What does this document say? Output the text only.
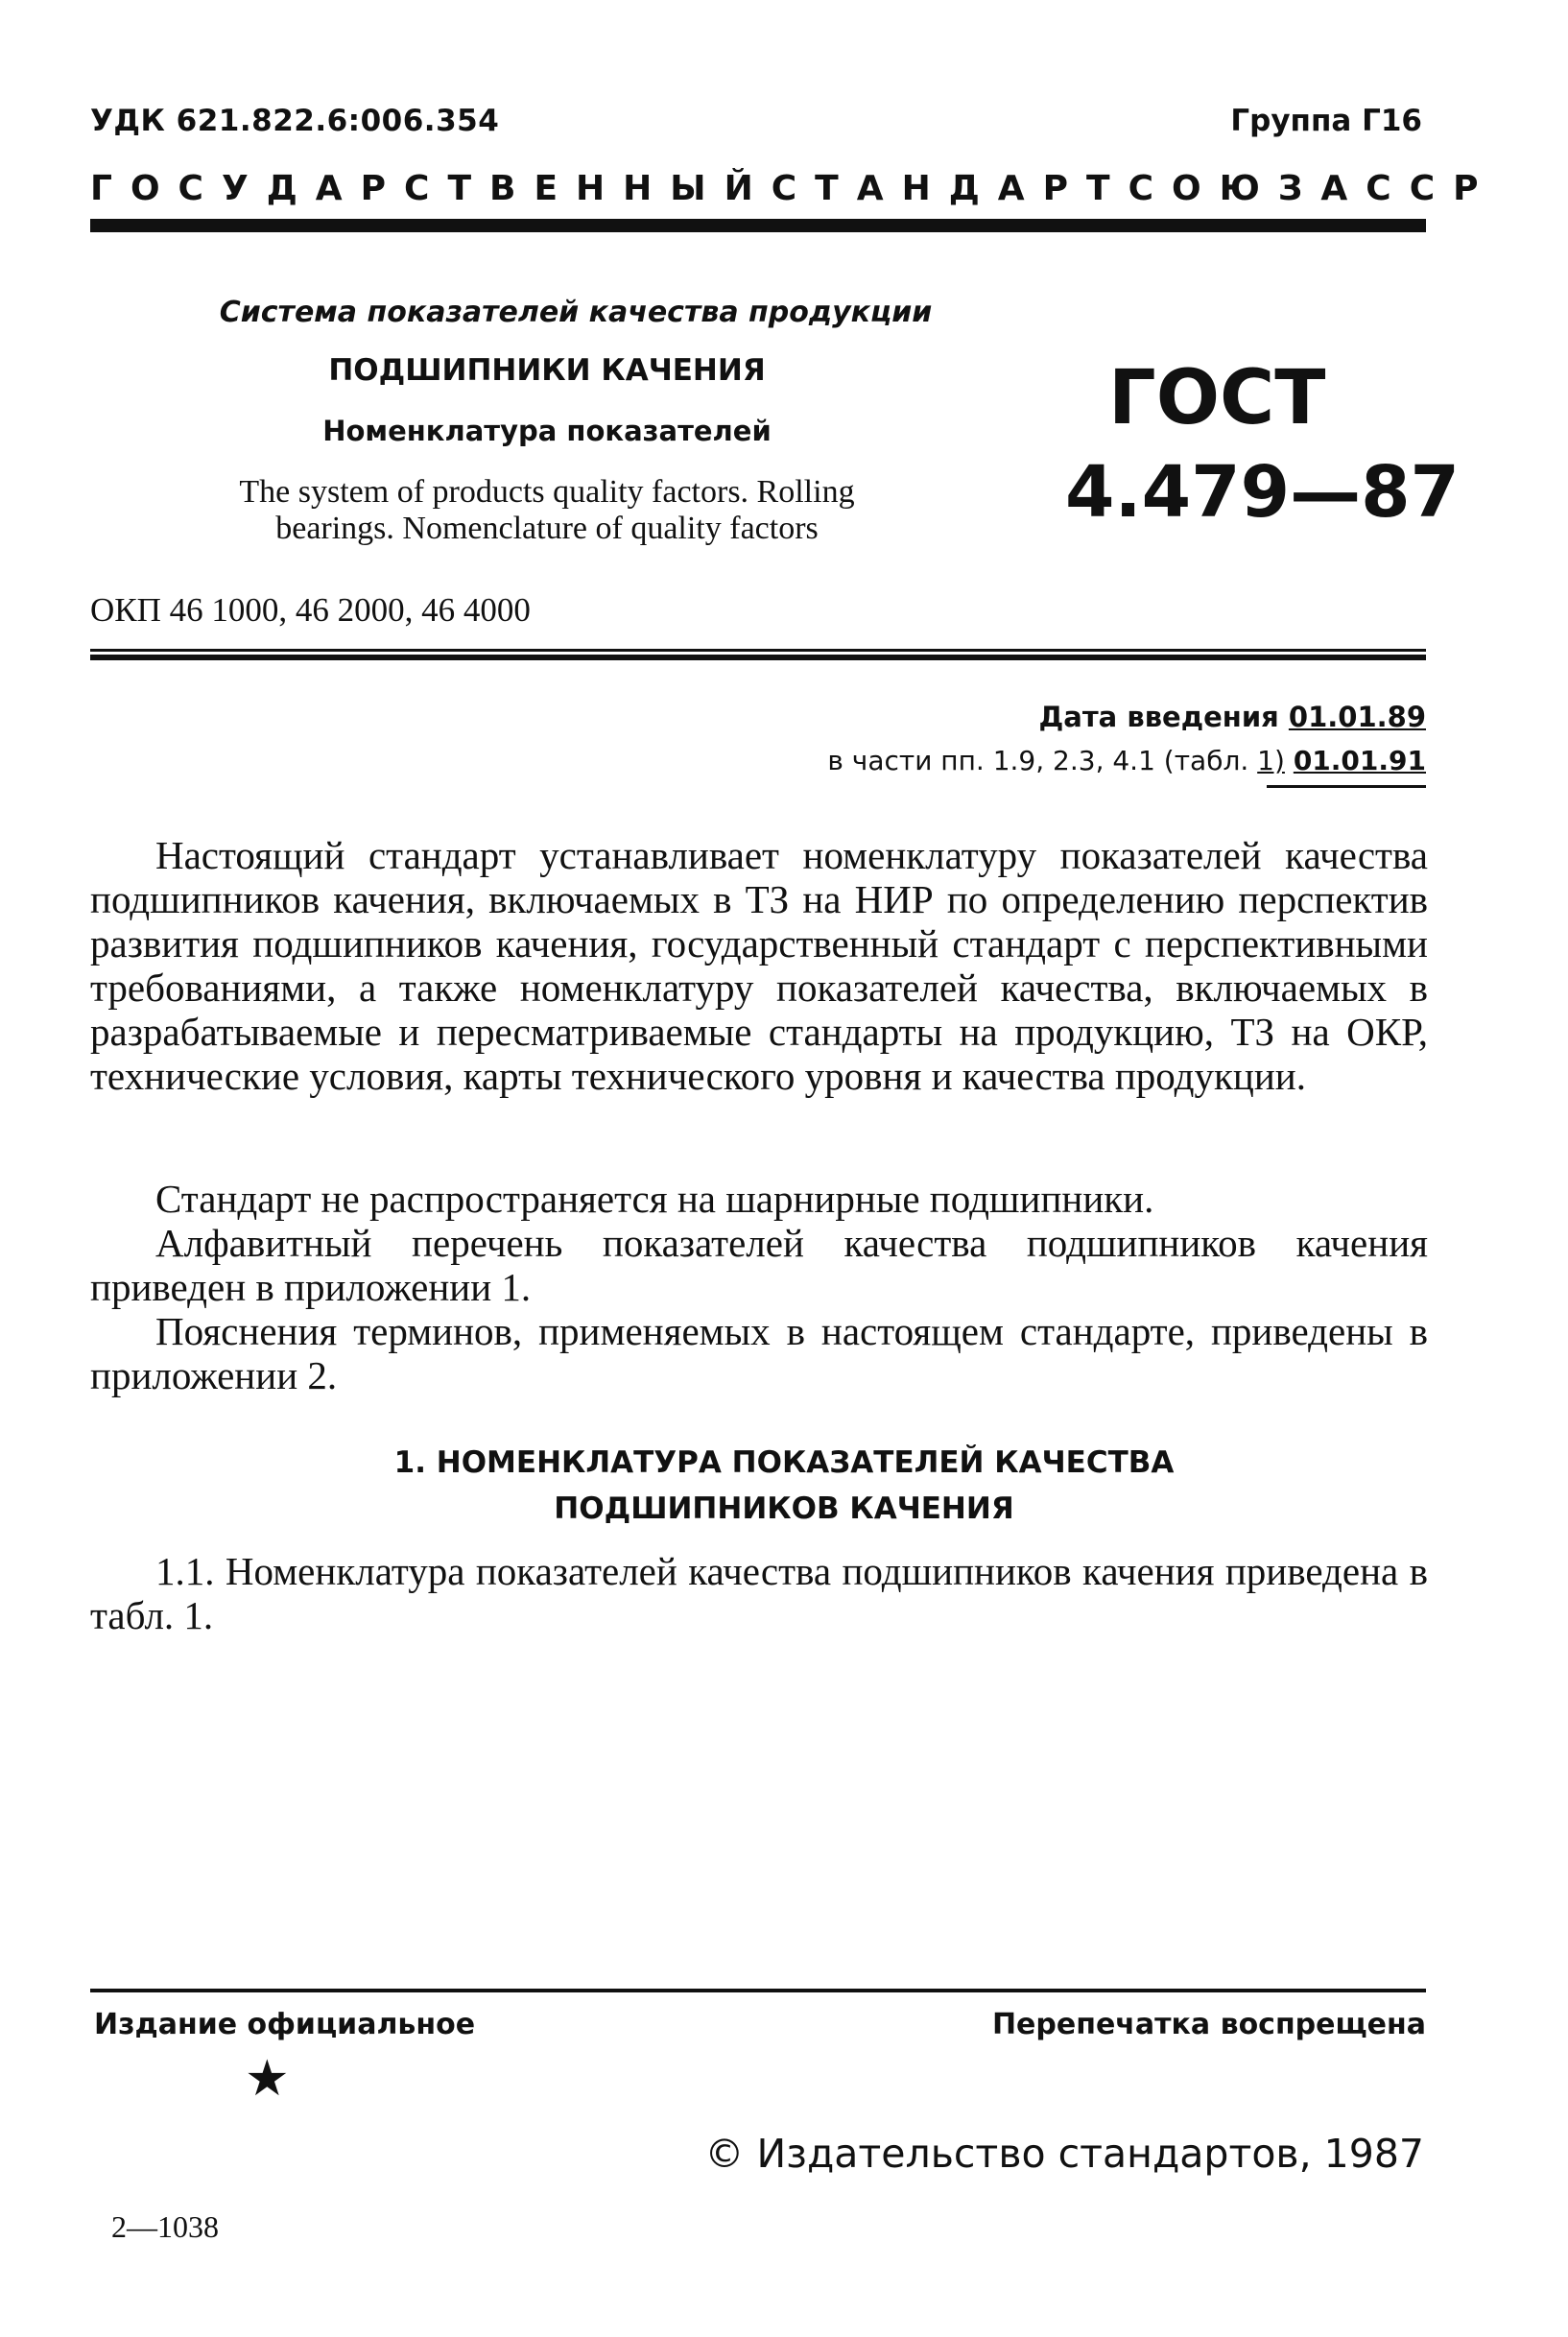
УДК 621.822.6:006.354	Группа Г16
ГОСУДАРСТВЕННЫЙ СТАНДАРТ СОЮЗА ССР
Система показателей качества продукции
ПОДШИПНИКИ КАЧЕНИЯ
Номенклатура показателей
The system of products quality factors. Rolling bearings. Nomenclature of quality factors
ОКП 46 1000, 46 2000, 46 4000
ГОСТ
4.479—87
Дата введения 01.01.89
в части пп. 1.9, 2.3, 4.1 (табл. 1) 01.01.91

Настоящий стандарт устанавливает номенклатуру показателей качества подшипников качения, включаемых в ТЗ на НИР по определению перспектив развития подшипников качения, государственный стандарт с перспективными требованиями, а также номенклатуру показателей качества, включаемых в разрабатываемые и пересматриваемые стандарты на продукцию, ТЗ на ОКР, технические условия, карты технического уровня и качества продукции.

Стандарт не распространяется на шарнирные подшипники.

Алфавитный перечень показателей качества подшипников качения приведен в приложении 1.

Пояснения терминов, применяемых в настоящем стандарте, приведены в приложении 2.

1. НОМЕНКЛАТУРА ПОКАЗАТЕЛЕЙ КАЧЕСТВА
ПОДШИПНИКОВ КАЧЕНИЯ

1.1. Номенклатура показателей качества подшипников качения приведена в табл. 1.

Издание официальное	Перепечатка воспрещена
★
© Издательство стандартов, 1987
2—1038
